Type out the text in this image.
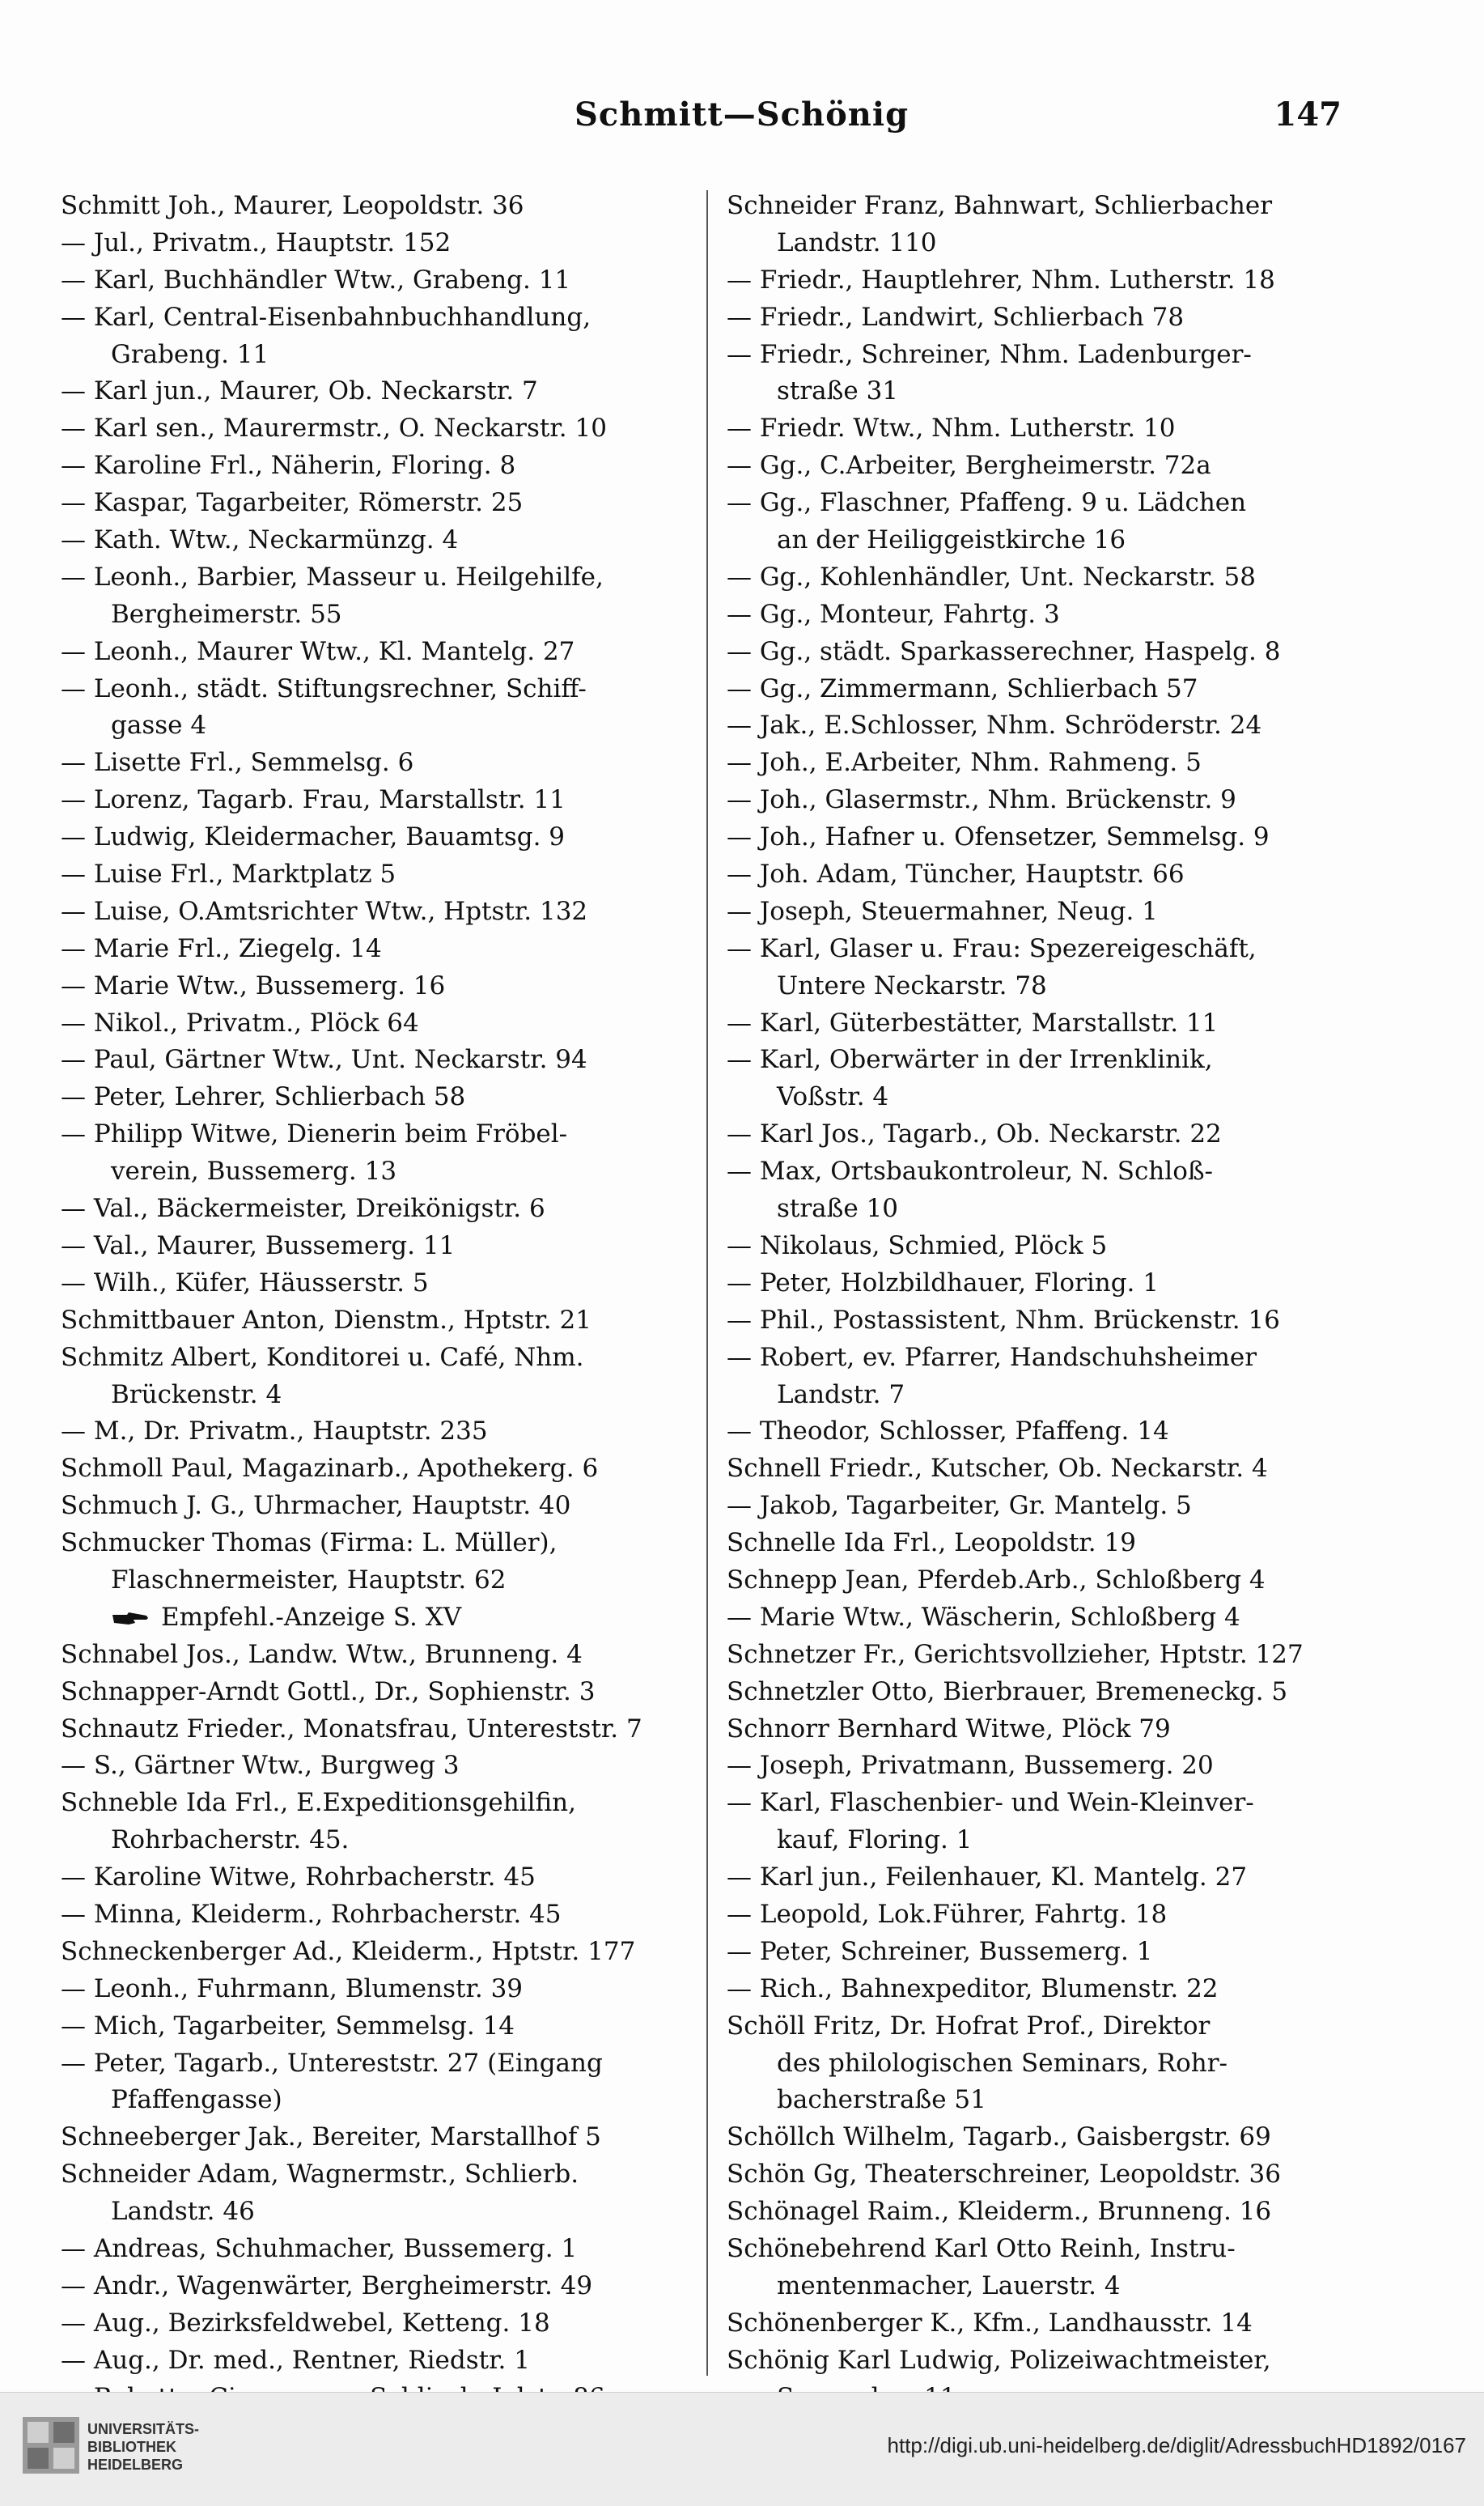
Schmitt—Schönig	147
Schmitt Joh., Maurer, Leopoldstr. 36
— Jul., Privatm., Hauptstr. 152
— Karl, Buchhändler Wtw., Grabeng. 11
— Karl, Central-Eisenbahnbuchhandlung,
Grabeng. 11
— Karl jun., Maurer, Ob. Neckarstr. 7
— Karl sen., Maurermstr., O. Neckarstr. 10
— Karoline Frl., Näherin, Floring. 8
— Kaspar, Tagarbeiter, Römerstr. 25
— Kath. Wtw., Neckarmünzg. 4
— Leonh., Barbier, Masseur u. Heilgehilfe,
Bergheimerstr. 55
— Leonh., Maurer Wtw., Kl. Mantelg. 27
— Leonh., städt. Stiftungsrechner, Schiff-
gasse 4
— Lisette Frl., Semmelsg. 6
— Lorenz, Tagarb. Frau, Marstallstr. 11
— Ludwig, Kleidermacher, Bauamtsg. 9
— Luise Frl., Marktplatz 5
— Luise, O.Amtsrichter Wtw., Hptstr. 132
— Marie Frl., Ziegelg. 14
— Marie Wtw., Bussemerg. 16
— Nikol., Privatm., Plöck 64
— Paul, Gärtner Wtw., Unt. Neckarstr. 94
— Peter, Lehrer, Schlierbach 58
— Philipp Witwe, Dienerin beim Fröbel-
verein, Bussemerg. 13
— Val., Bäckermeister, Dreikönigstr. 6
— Val., Maurer, Bussemerg. 11
— Wilh., Küfer, Häusserstr. 5
Schmittbauer Anton, Dienstm., Hptstr. 21
Schmitz Albert, Konditorei u. Café, Nhm.
Brückenstr. 4
— M., Dr. Privatm., Hauptstr. 235
Schmoll Paul, Magazinarb., Apothekerg. 6
Schmuch J. G., Uhrmacher, Hauptstr. 40
Schmucker Thomas (Firma: L. Müller),
Flaschnermeister, Hauptstr. 62
Empfehl.-Anzeige S. XV
Schnabel Jos., Landw. Wtw., Brunneng. 4
Schnapper-Arndt Gottl., Dr., Sophienstr. 3
Schnautz Frieder., Monatsfrau, Untereststr. 7
— S., Gärtner Wtw., Burgweg 3
Schneble Ida Frl., E.Expeditionsgehilfin,
Rohrbacherstr. 45.
— Karoline Witwe, Rohrbacherstr. 45
— Minna, Kleiderm., Rohrbacherstr. 45
Schneckenberger Ad., Kleiderm., Hptstr. 177
— Leonh., Fuhrmann, Blumenstr. 39
— Mich, Tagarbeiter, Semmelsg. 14
— Peter, Tagarb., Untereststr. 27 (Eingang
Pfaffengasse)
Schneeberger Jak., Bereiter, Marstallhof 5
Schneider Adam, Wagnermstr., Schlierb.
Landstr. 46
— Andreas, Schuhmacher, Bussemerg. 1
— Andr., Wagenwärter, Bergheimerstr. 49
— Aug., Bezirksfeldwebel, Ketteng. 18
— Aug., Dr. med., Rentner, Riedstr. 1
Schneider Franz, Bahnwart, Schlierbacher
Landstr. 110
— Friedr., Hauptlehrer, Nhm. Lutherstr. 18
— Friedr., Landwirt, Schlierbach 78
— Friedr., Schreiner, Nhm. Ladenburger-
straße 31
— Friedr. Wtw., Nhm. Lutherstr. 10
— Gg., C.Arbeiter, Bergheimerstr. 72a
— Gg., Flaschner, Pfaffeng. 9 u. Lädchen
an der Heiliggeistkirche 16
— Gg., Kohlenhändler, Unt. Neckarstr. 58
— Gg., Monteur, Fahrtg. 3
— Gg., städt. Sparkasserechner, Haspelg. 8
— Gg., Zimmermann, Schlierbach 57
— Jak., E.Schlosser, Nhm. Schröderstr. 24
— Joh., E.Arbeiter, Nhm. Rahmeng. 5
— Joh., Glasermstr., Nhm. Brückenstr. 9
— Joh., Hafner u. Ofensetzer, Semmelsg. 9
— Joh. Adam, Tüncher, Hauptstr. 66
— Joseph, Steuermahner, Neug. 1
— Karl, Glaser u. Frau: Spezereigeschäft,
Untere Neckarstr. 78
— Karl, Güterbestätter, Marstallstr. 11
— Karl, Oberwärter in der Irrenklinik,
Voßstr. 4
— Karl Jos., Tagarb., Ob. Neckarstr. 22
— Max, Ortsbaukontroleur, N. Schloß-
straße 10
— Nikolaus, Schmied, Plöck 5
— Peter, Holzbildhauer, Floring. 1
— Phil., Postassistent, Nhm. Brückenstr. 16
— Robert, ev. Pfarrer, Handschuhsheimer
Landstr. 7
— Theodor, Schlosser, Pfaffeng. 14
Schnell Friedr., Kutscher, Ob. Neckarstr. 4
— Jakob, Tagarbeiter, Gr. Mantelg. 5
Schnelle Ida Frl., Leopoldstr. 19
Schnepp Jean, Pferdeb.Arb., Schloßberg 4
— Marie Wtw., Wäscherin, Schloßberg 4
Schnetzer Fr., Gerichtsvollzieher, Hptstr. 127
Schnetzler Otto, Bierbrauer, Bremeneckg. 5
Schnorr Bernhard Witwe, Plöck 79
— Joseph, Privatmann, Bussemerg. 20
— Karl, Flaschenbier- und Wein-Kleinver-
kauf, Floring. 1
— Karl jun., Feilenhauer, Kl. Mantelg. 27
— Leopold, Lok.Führer, Fahrtg. 18
— Peter, Schreiner, Bussemerg. 1
— Rich., Bahnexpeditor, Blumenstr. 22
Schöll Fritz, Dr. Hofrat Prof., Direktor
des philologischen Seminars, Rohr-
bacherstraße 51
Schöllch Wilhelm, Tagarb., Gaisbergstr. 69
Schön Gg, Theaterschreiner, Leopoldstr. 36
Schönagel Raim., Kleiderm., Brunneng. 16
Schönebehrend Karl Otto Reinh, Instru-
mentenmacher, Lauerstr. 4
Schönenberger K., Kfm., Landhausstr. 14
Schönig Karl Ludwig, Polizeiwachtmeister,
UNIVERSITÄTS-
BIBLIOTHEK
HEIDELBERG
http://digi.ub.uni-heidelberg.de/diglit/AdressbuchHD1892/0167
